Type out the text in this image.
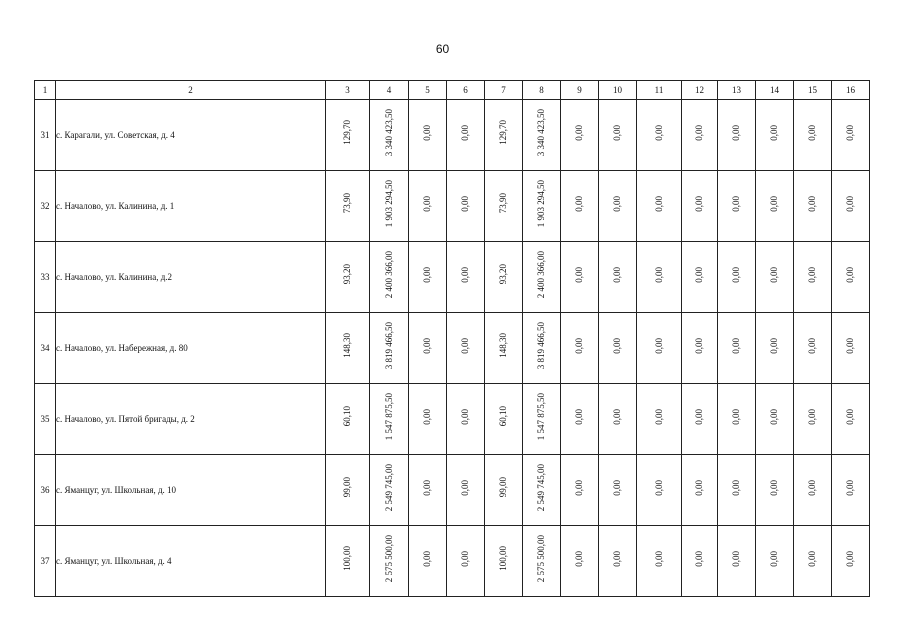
60
1	2	3	4	5	6	7	8	9	10	11	12	13	14	15	16
31	с. Карагали, ул. Советская, д. 4	129,70	3 340 423,50	0,00	0,00	129,70	3 340 423,50	0,00	0,00	0,00	0,00	0,00	0,00	0,00	0,00
32	с. Началово, ул. Калинина, д. 1	73,90	1 903 294,50	0,00	0,00	73,90	1 903 294,50	0,00	0,00	0,00	0,00	0,00	0,00	0,00	0,00
33	с. Началово, ул. Калинина, д.2	93,20	2 400 366,00	0,00	0,00	93,20	2 400 366,00	0,00	0,00	0,00	0,00	0,00	0,00	0,00	0,00
34	с. Началово, ул. Набережная, д. 80	148,30	3 819 466,50	0,00	0,00	148,30	3 819 466,50	0,00	0,00	0,00	0,00	0,00	0,00	0,00	0,00
35	с. Началово, ул. Пятой бригады, д. 2	60,10	1 547 875,50	0,00	0,00	60,10	1 547 875,50	0,00	0,00	0,00	0,00	0,00	0,00	0,00	0,00
36	с. Яманцуг, ул. Школьная, д. 10	99,00	2 549 745,00	0,00	0,00	99,00	2 549 745,00	0,00	0,00	0,00	0,00	0,00	0,00	0,00	0,00
37	с. Яманцуг, ул. Школьная, д. 4	100,00	2 575 500,00	0,00	0,00	100,00	2 575 500,00	0,00	0,00	0,00	0,00	0,00	0,00	0,00	0,00
